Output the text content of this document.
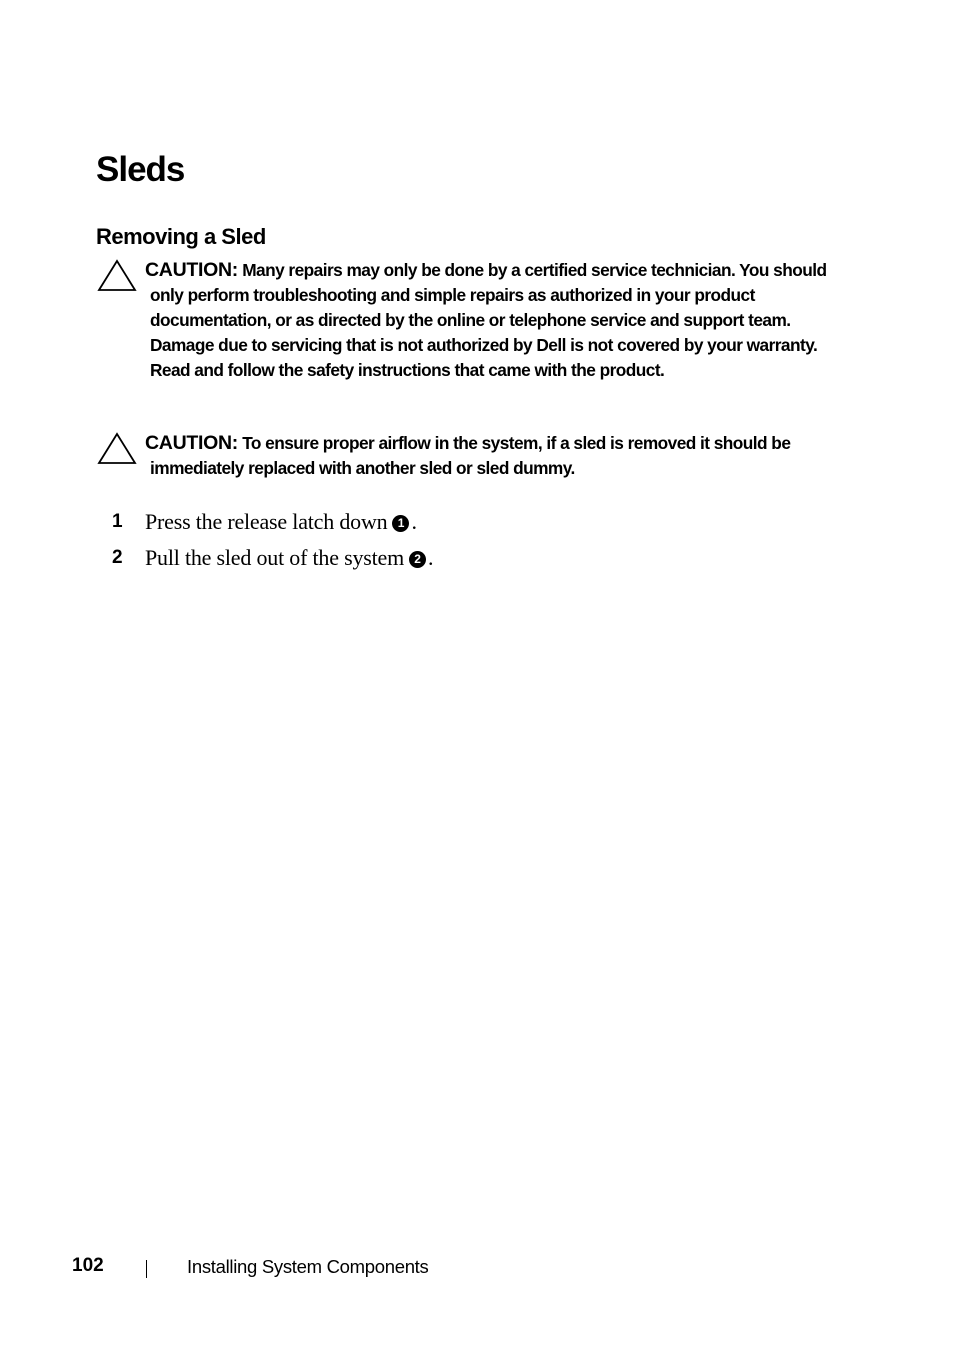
Sleds
Removing a Sled

CAUTION: Many repairs may only be done by a certified service technician. You should only perform troubleshooting and simple repairs as authorized in your product documentation, or as directed by the online or telephone service and support team. Damage due to servicing that is not authorized by Dell is not covered by your warranty. Read and follow the safety instructions that came with the product.

CAUTION: To ensure proper airflow in the system, if a sled is removed it should be immediately replaced with another sled or sled dummy.

1 Press the release latch down 1 .
2 Pull the sled out of the system 2 .
102	Installing System Components
